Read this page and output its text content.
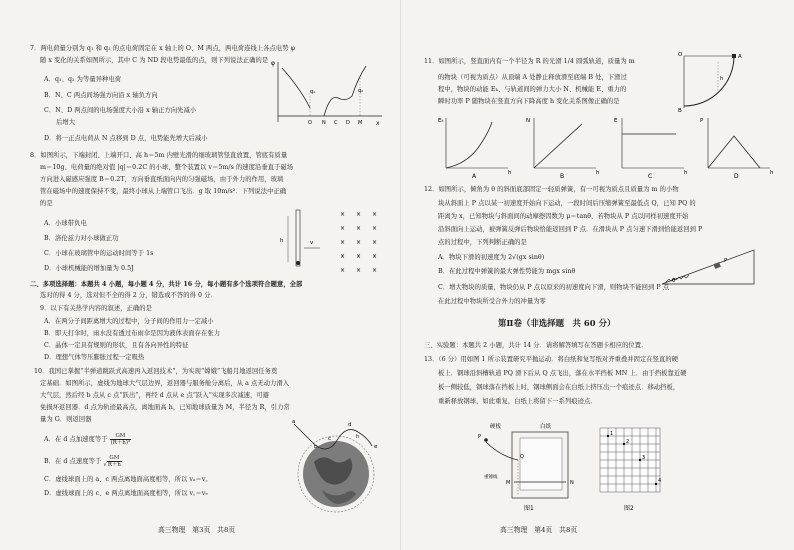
7．两电荷量分别为 q₁ 和 q₂ 的点电荷固定在 x 轴上的 O、M 两点，两电荷连线上各点电势 φ
随 x 变化的关系如图所示，其中 C 为 ND 段电势最低的点，则下列说法正确的是
A．q₁、q₂ 为等量异种电荷
B．N、C 两点间场强方向沿 x 轴负方向
C．N、D 两点间的电场强度大小沿 x 轴正方向先减小
后增大
D．将一正点电荷从 N 点移到 D 点，电势能先增大后减小
φ
x
q₁	q₂
O N C D M
8．如图所示，下端封闭、上端开口、高 h＝5m 内壁光滑的细玻璃管竖直放置，管底有质量
m＝10g、电荷量的绝对值 |q|＝0.2C 的小球，整个装置以 v＝5m/s 的速度沿垂直于磁场
方向进入磁感应强度 B＝0.2T，方向垂直纸面向内的匀强磁场，由于外力的作用，玻璃
管在磁场中的速度保持不变，最终小球从上端管口飞出．g 取 10m/s²．下列说法中正确
的是
A．小球带负电
B．洛伦兹力对小球做正功
C．小球在玻璃管中的运动时间等于 1s
D．小球机械能的增加量为 0.5J
h	v
× × ×
× × ×
× × ×
× × ×
× × ×
二、多项选择题：本题共 4 小题，每小题 4 分，共计 16 分，每小题有多个选项符合题意，全部
选对的得 4 分，选对但不全的得 2 分，错选或不答的得 0 分．
9．以下有关热学内容的叙述，正确的是
A．在两分子间距离增大的过程中，分子间的作用力一定减小
B．即天打伞时，雨水没有透过布雨伞是因为液体表面存在张力
C．晶体一定具有规则的形状，且有各向异性的特征
D．理想气体等压膨胀过程一定吸热
10．我国已掌握“半弹道跳跃式高速再入返回技术”，为实现“嫦娥”飞船月地返回任务奠
定基础．如图所示，虚线为地球大气层边界，返回器与服务舱分离后，从 a 点无动力滑入
大气层，然后经 b 点从 c 点“跃出”，再经 d 点从 e 点“跃入”实现多次减速，可避
免损坏返回器．d 点为轨迹最高点，离地面高 h，已知地球质量为 M，半径为 R，引力常
量为 G．则返回器
A．在 d 点加速度等于 $\frac{GM}{\text{(R＋h)²}}$
B．在 d 点速度等于 √ $\frac{GM}{R+h}$
C．虚线球面上的 a、c 两点离地面高度相等，所以 vₐ＝v꜀
D．虚线球面上的 c、e 两点离地面高度相等，所以 v꜀＝vₑ
a
b
c
d
e
h
高三物理　第3页　共8页
11．如图所示，竖直面内有一个半径为 R 的光滑 1/4 圆弧轨道，质量为 m
的物块（可视为质点）从顶端 A 处静止释放滑至底端 B 处，下滑过
程中，物块的动能 Eₖ、与轨道间的弹力大小 N、机械能 E、重力的
瞬时功率 P 随物块在竖直方向下降高度 h 变化关系图像正确的是
O	A
B
h
Eₖ
h
A
N
h
B
E
h
C
P
h
D
12．如图所示，倾角为 θ 的斜面底部固定一轻质弹簧，有一可视为质点且质量为 m 的小物
块从斜面上 P 点以某一初速度开始向下运动，一段时间后压缩弹簧至最低点 Q，已知 PQ 的
距离为 x，已知物块与斜面间的动摩擦因数为 μ＝tanθ，若物块从 P 点以同样初速度开始
沿斜面向上运动，被弹簧反弹后物块恰能返回到 P 点．在滑块从 P 点匀速下滑到恰能返回到 P
点的过程中，下列判断正确的是
A．物块下滑的初速度为 2√(gx sinθ)
B．在此过程中弹簧的最大弹性势能为 mgx sinθ
C．增大物块的质量，物块仍从 P 点以原来的初速度向下滑，则物块不能回到 P 点
在此过程中物块所受合外力的冲量为零
P
θ
第Ⅱ卷（非选择题　共 60 分）
三、实验题：本题共 2 小题，共计 14 分．请将解答填写在答题卡相应的位置．
13．（6 分）用如图 1 所示装置研究平抛运动．将白纸和复写纸对齐重叠并固定在竖直的硬
板上．钢球沿斜槽轨道 PQ 滑下后从 Q 点飞出，落在水平挡板 MN 上．由于挡板靠近硬
板一侧较低，钢球落在挡板上时，钢球侧面会在白纸上挤压出一个痕迹点．移动挡板，
重新释放钢球，如此重复，白纸上将留下一系列痕迹点．
硬板	白纸
Q
M	N
P
重锤线
图1
1
2
3
4
图2
高三物理　第4页　共8页
